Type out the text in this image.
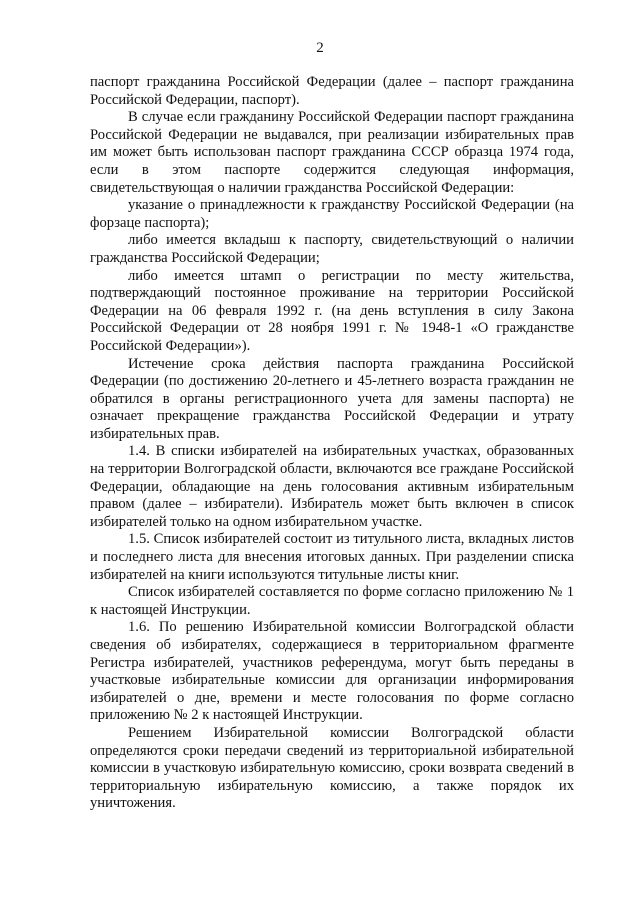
2

паспорт гражданина Российской Федерации (далее – паспорт гражданина Российской Федерации, паспорт).

В случае если гражданину Российской Федерации паспорт гражданина Российской Федерации не выдавался, при реализации избирательных прав им может быть использован паспорт гражданина СССР образца 1974 года, если в этом паспорте содержится следующая информация, свидетельствующая о наличии гражданства Российской Федерации:

указание о принадлежности к гражданству Российской Федерации (на форзаце паспорта);

либо имеется вкладыш к паспорту, свидетельствующий о наличии гражданства Российской Федерации;

либо имеется штамп о регистрации по месту жительства, подтверждающий постоянное проживание на территории Российской Федерации на 06 февраля 1992 г. (на день вступления в силу Закона Российской Федерации от 28 ноября 1991 г. № 1948-1 «О гражданстве Российской Федерации»).

Истечение срока действия паспорта гражданина Российской Федерации (по достижению 20-летнего и 45-летнего возраста гражданин не обратился в органы регистрационного учета для замены паспорта) не означает прекращение гражданства Российской Федерации и утрату избирательных прав.

1.4. В списки избирателей на избирательных участках, образованных на территории Волгоградской области, включаются все граждане Российской Федерации, обладающие на день голосования активным избирательным правом (далее – избиратели). Избиратель может быть включен в список избирателей только на одном избирательном участке.

1.5. Список избирателей состоит из титульного листа, вкладных листов и последнего листа для внесения итоговых данных. При разделении списка избирателей на книги используются титульные листы книг.

Список избирателей составляется по форме согласно приложению № 1 к настоящей Инструкции.

1.6. По решению Избирательной комиссии Волгоградской области сведения об избирателях, содержащиеся в территориальном фрагменте Регистра избирателей, участников референдума, могут быть переданы в участковые избирательные комиссии для организации информирования избирателей о дне, времени и месте голосования по форме согласно приложению № 2 к настоящей Инструкции.

Решением Избирательной комиссии Волгоградской области определяются сроки передачи сведений из территориальной избирательной комиссии в участковую избирательную комиссию, сроки возврата сведений в территориальную избирательную комиссию, а также порядок их уничтожения.
